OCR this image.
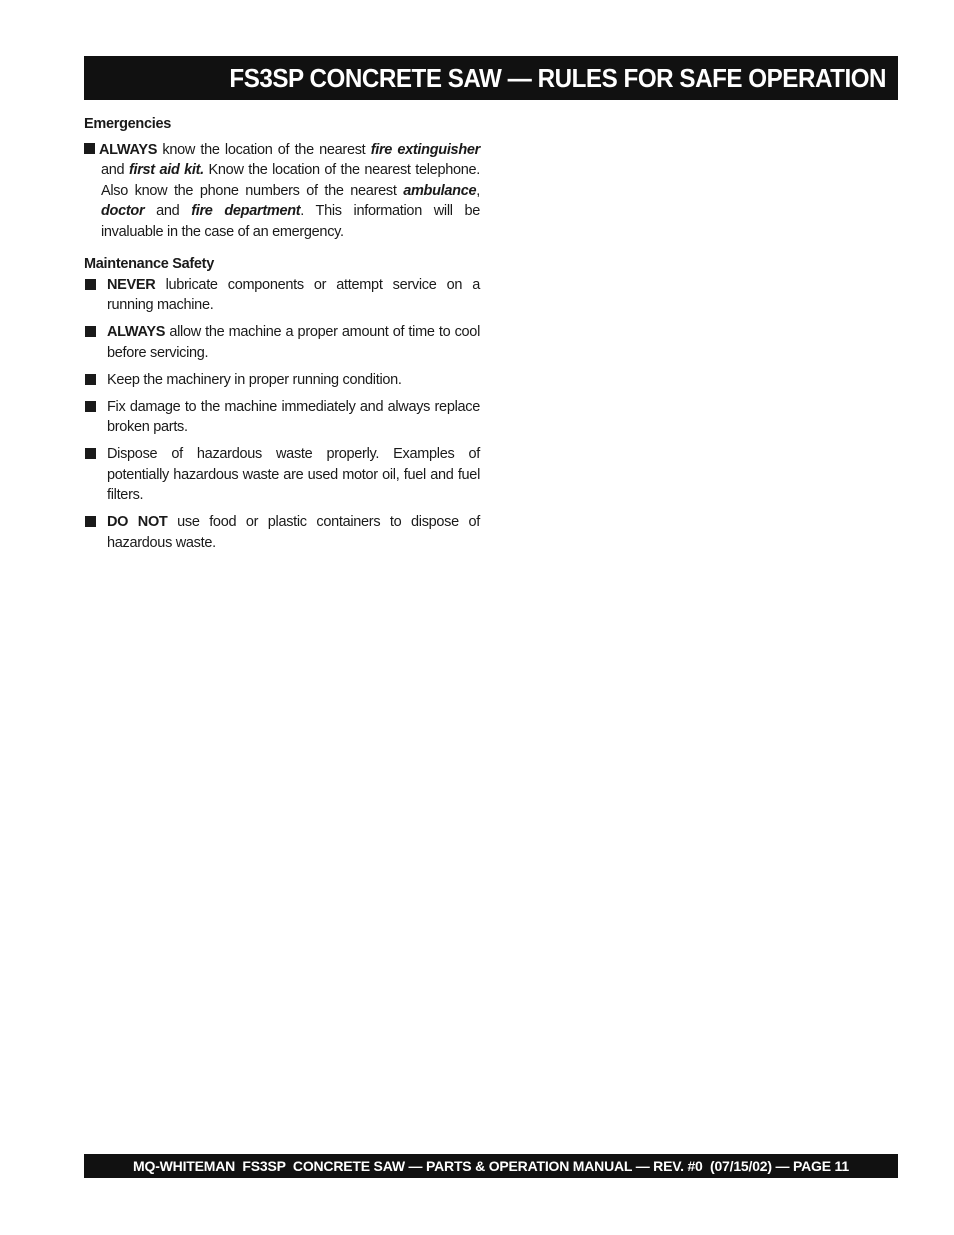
FS3SP CONCRETE SAW — RULES FOR SAFE OPERATION
Emergencies

ALWAYS know the location of the nearest fire extinguisher and first aid kit. Know the location of the nearest telephone. Also know the phone numbers of the nearest ambulance, doctor and fire department. This information will be invaluable in the case of an emergency.

Maintenance Safety
NEVER lubricate components or attempt service on a running machine.
ALWAYS allow the machine a proper amount of time to cool before servicing.
Keep the machinery in proper running condition.
Fix damage to the machine immediately and always replace broken parts.
Dispose of hazardous waste properly. Examples of potentially hazardous waste are used motor oil, fuel and fuel filters.
DO NOT use food or plastic containers to dispose of hazardous waste.
MQ-WHITEMAN  FS3SP  CONCRETE SAW — PARTS & OPERATION MANUAL — REV. #0  (07/15/02) — PAGE 11
